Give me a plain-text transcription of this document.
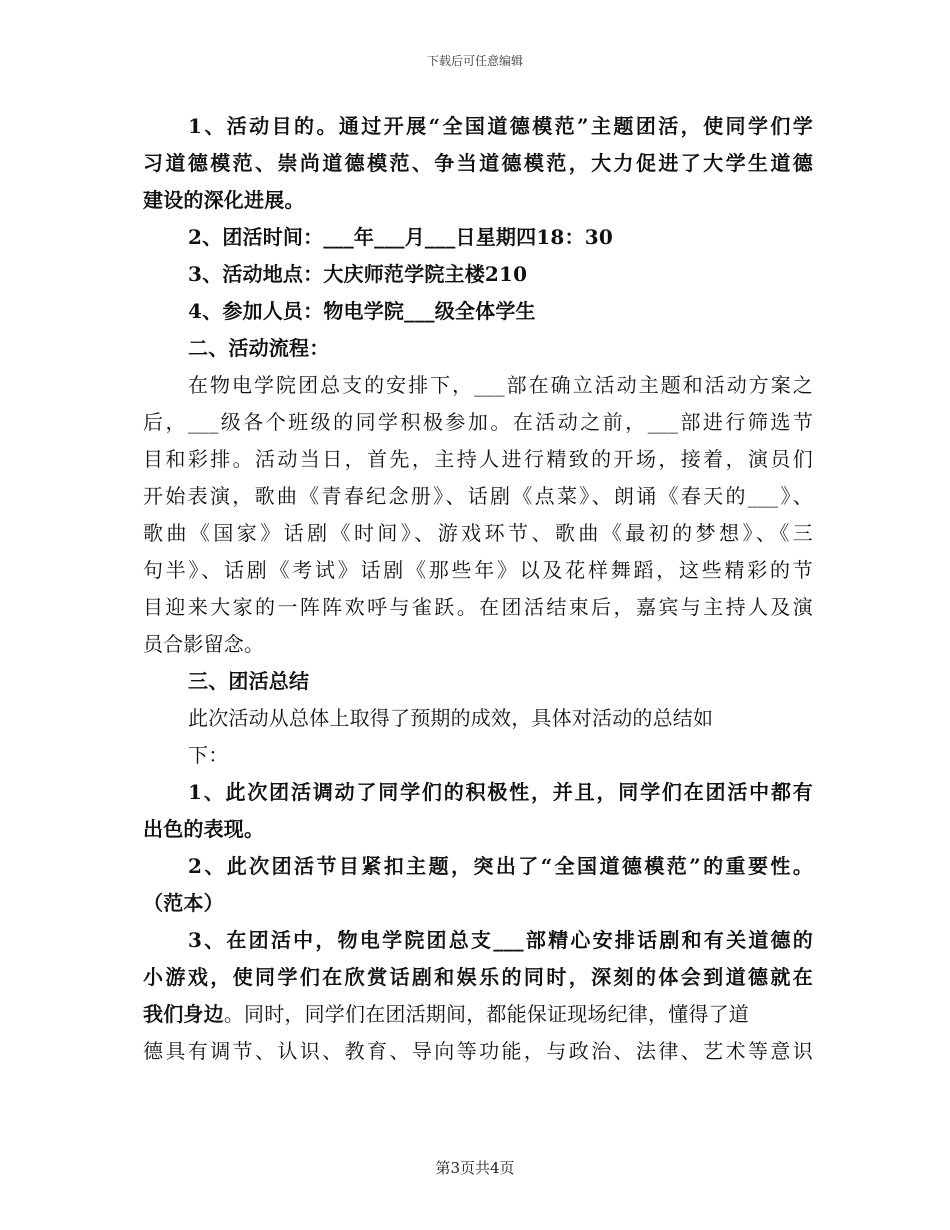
下载后可任意编辑
1、活动目的。通过开展“全国道德模范”主题团活，使同学们学
习道德模范、崇尚道德模范、争当道德模范，大力促进了大学生道德
建设的深化进展。
2、团活时间：___年___月___日星期四18：30
3、活动地点：大庆师范学院主楼210
4、参加人员：物电学院___级全体学生
二、活动流程：
在物电学院团总支的安排下，___部在确立活动主题和活动方案之
后，___级各个班级的同学积极参加。在活动之前，___部进行筛选节
目和彩排。活动当日，首先，主持人进行精致的开场，接着，演员们
开始表演，歌曲《青春纪念册》、话剧《点菜》、朗诵《春天的___》、
歌曲《国家》话剧《时间》、游戏环节、歌曲《最初的梦想》、《三
句半》、话剧《考试》话剧《那些年》以及花样舞蹈，这些精彩的节
目迎来大家的一阵阵欢呼与雀跃。在团活结束后，嘉宾与主持人及演
员合影留念。
三、团活总结
此次活动从总体上取得了预期的成效，具体对活动的总结如
下：
1、此次团活调动了同学们的积极性，并且，同学们在团活中都有
出色的表现。
2、此次团活节目紧扣主题，突出了“全国道德模范”的重要性。
（范本）
3、在团活中，物电学院团总支___部精心安排话剧和有关道德的
小游戏，使同学们在欣赏话剧和娱乐的同时，深刻的体会到道德就在
我们身边。同时，同学们在团活期间，都能保证现场纪律，懂得了道
德具有调节、认识、教育、导向等功能，与政治、法律、艺术等意识
第3页共4页
